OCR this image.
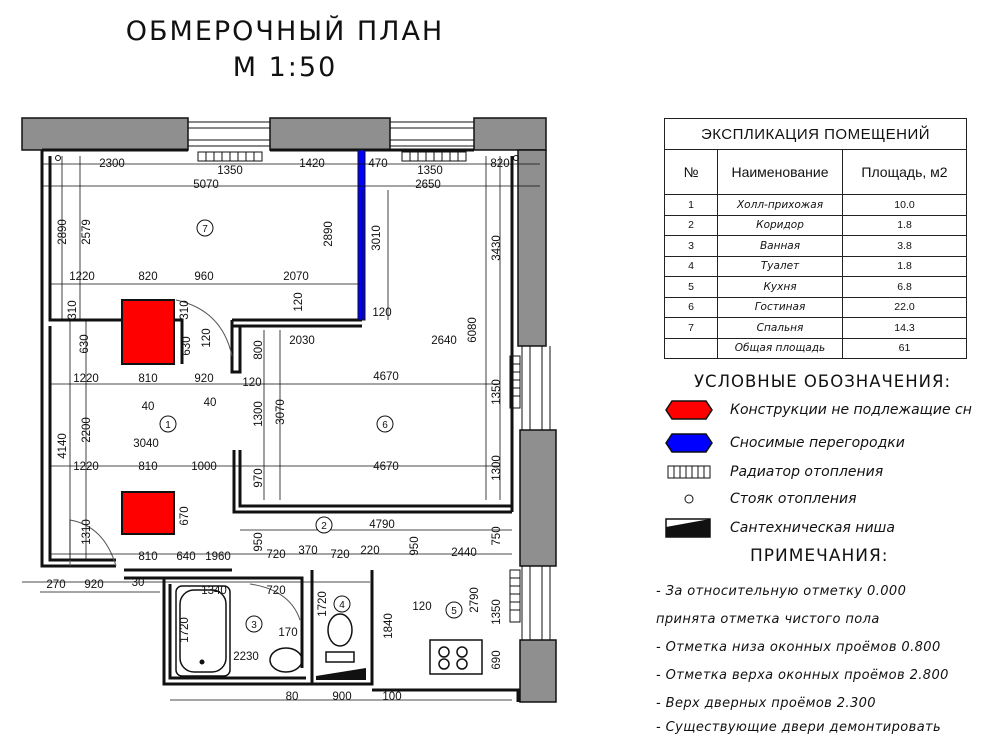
ОБМЕРОЧНЫЙ ПЛАН
М 1:50
7
1	6
2
3
4
5
2300
1350
1420	470
1350
820
5070	2650
2890 2579	2890	3010	3430
6080
1220	820	960	2070
310	310	120
120
120
630	630	800 2030	2640
1220	810	920	120	4670
40	40	1300 3070
1350
2200
4140	3040
1220	810	1000	4670
970	1300
670
1310	4790
750
810 640 1960
950
720 370 720 220	950	2440
270 920 30
1340	720
1720
1720
170
2230
120
1840
2790 1350
690
80	900	100
ЭКСПЛИКАЦИЯ ПОМЕЩЕНИЙ		
№	Наименование	Площадь, м2
1	Холл-прихожая	10.0
2	Коридор	1.8
3	Ванная	3.8
4	Туалет	1.8
5	Кухня	6.8
6	Гостиная	22.0
7	Спальня	14.3
	Общая площадь	61
УСЛОВНЫЕ ОБОЗНАЧЕНИЯ:
Конструкции не подлежащие сн
Сносимые перегородки
Радиатор отопления
Стояк отопления
Сантехническая ниша
ПРИМЕЧАНИЯ:
- За относительную отметку 0.000
принята отметка чистого пола
- Отметка низа оконных проёмов 0.800
- Отметка верха оконных проёмов 2.800
- Верх дверных проёмов 2.300
- Существующие двери демонтировать
